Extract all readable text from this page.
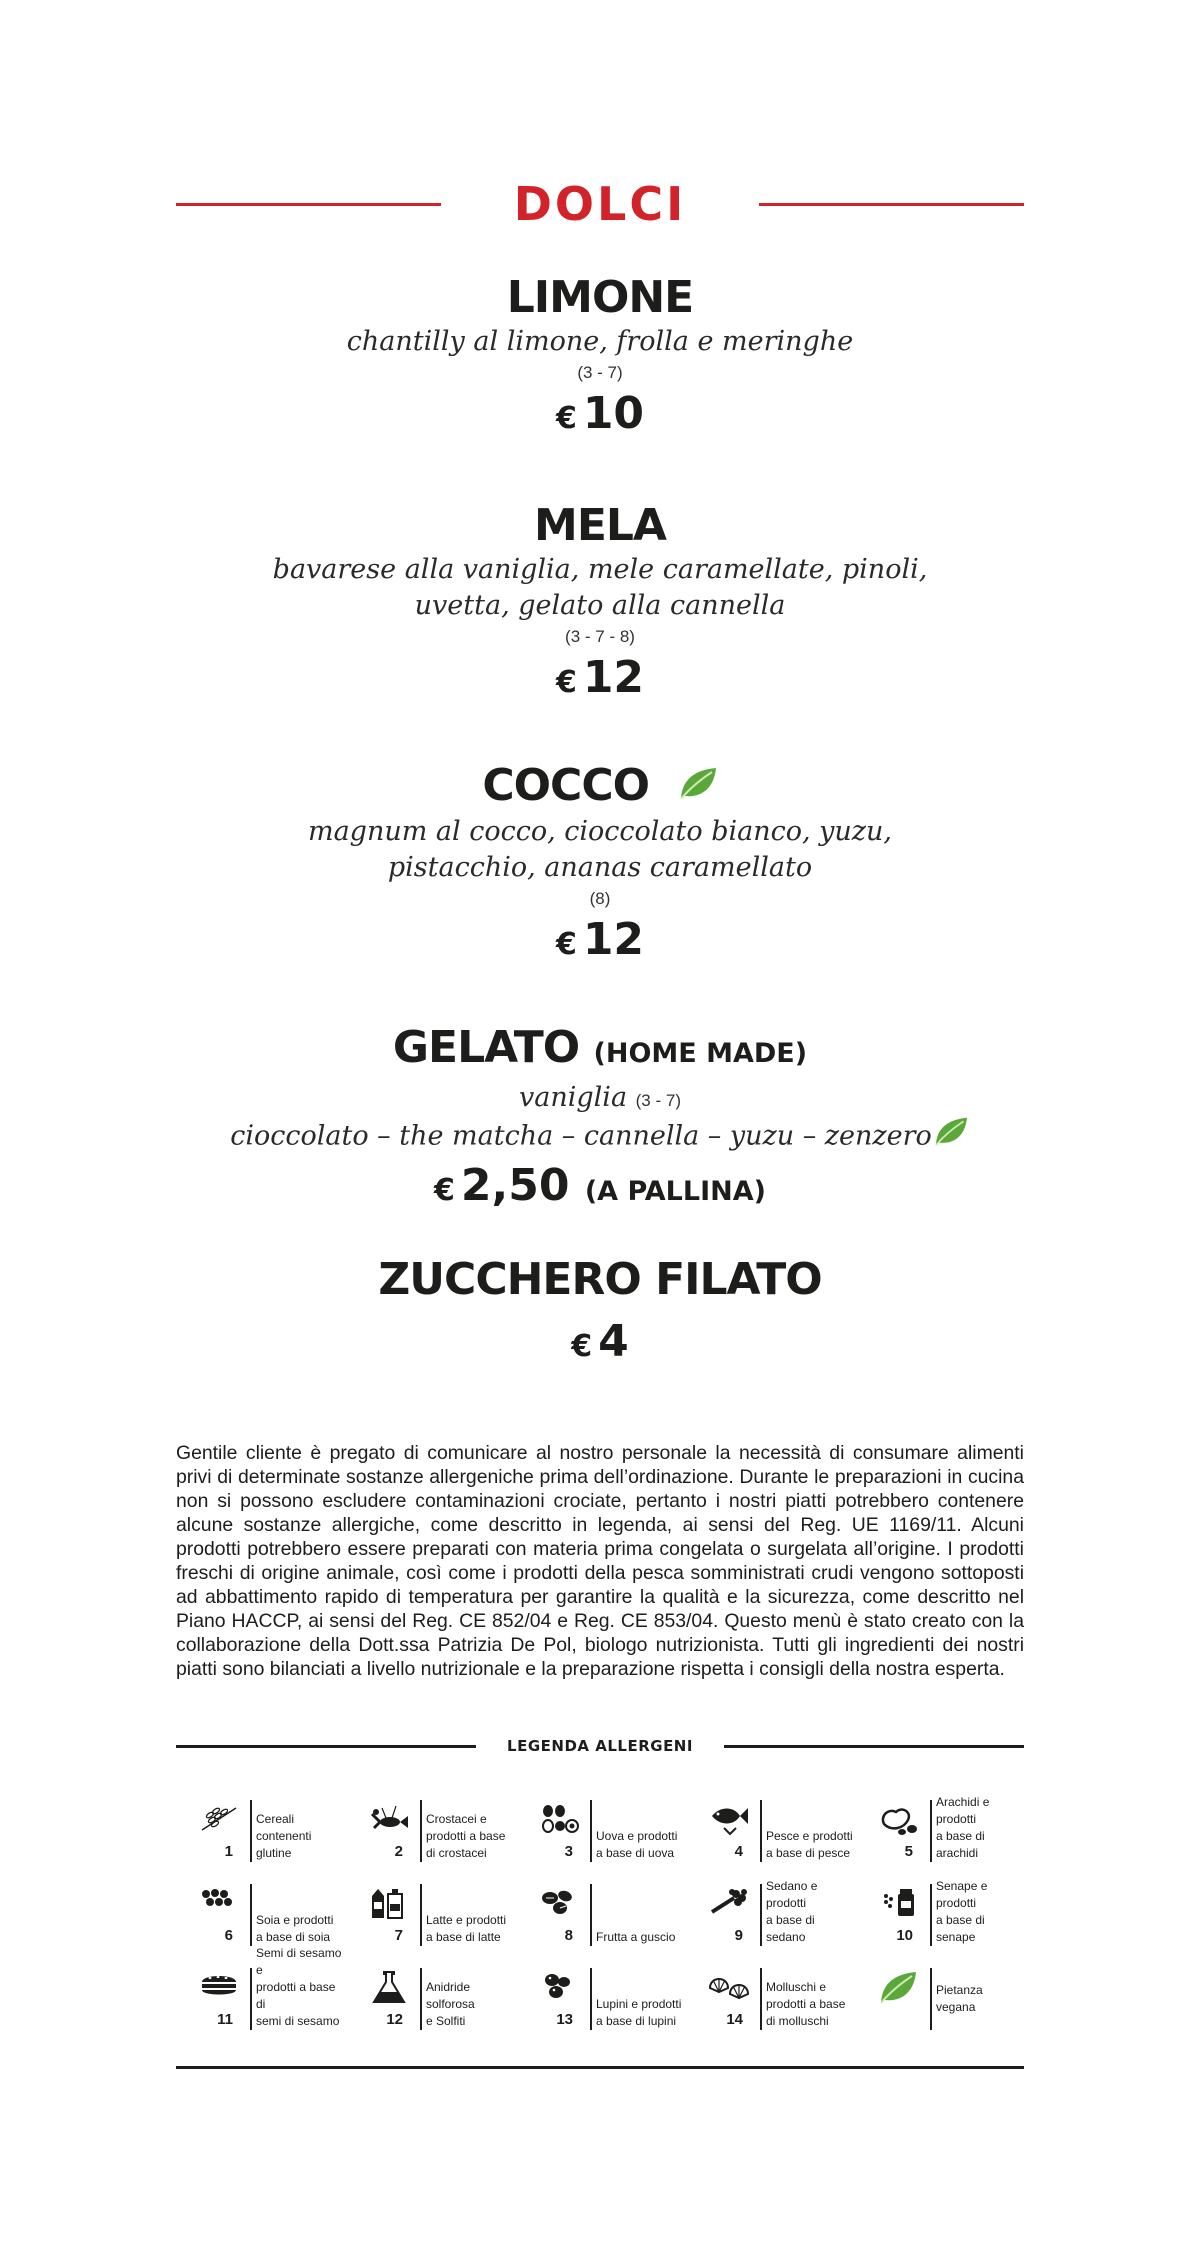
DOLCI
LIMONE
chantilly al limone, frolla e meringhe
(3 - 7)
€ 10
MELA
bavarese alla vaniglia, mele caramellate, pinoli,
uvetta, gelato alla cannella
(3 - 7 - 8)
€ 12
COCCO
magnum al cocco, cioccolato bianco, yuzu,
pistacchio, ananas caramellato
(8)
€ 12
GELATO (HOME MADE)
vaniglia (3 - 7)
cioccolato – the matcha – cannella – yuzu – zenzero
€ 2,50 (A PALLINA)
ZUCCHERO FILATO
€ 4
Gentile cliente è pregato di comunicare al nostro personale la necessità di consumare alimenti privi di determinate sostanze allergeniche prima dell’ordinazione. Durante le preparazioni in cucina non si possono escludere contaminazioni crociate, pertanto i nostri piatti potrebbero contenere alcune sostanze allergiche, come descritto in legenda, ai sensi del Reg. UE 1169/11. Alcuni prodotti potrebbero essere preparati con materia prima congelata o surgelata all’origine. I prodotti freschi di origine animale, così come i prodotti della pesca somministrati crudi vengono sottoposti ad abbattimento rapido di temperatura per garantire la qualità e la sicurezza, come descritto nel Piano HACCP, ai sensi del Reg. CE 852/04 e Reg. CE 853/04. Questo menù è stato creato con la collaborazione della Dott.ssa Patrizia De Pol, biologo nutrizionista. Tutti gli ingredienti dei nostri piatti sono bilanciati a livello nutrizionale e la preparazione rispetta i consigli della nostra esperta.
LEGENDA ALLERGENI
1
Cereali
contenenti
glutine	2
Crostacei e
prodotti a base
di crostacei	3
Uova e prodotti
a base di uova	4
Pesce e prodotti
a base di pesce	5
Arachidi e prodotti
a base di arachidi
6
Soia e prodotti
a base di soia	7
Latte e prodotti
a base di latte	8 Frutta a guscio	9
Sedano e prodotti
a base di sedano	10
Senape e prodotti
a base di senape
11
Semi di sesamo e
prodotti a base di
semi di sesamo	12
Anidride solforosa
e Solfiti	13
Lupini e prodotti
a base di lupini	14
Molluschi e
prodotti a base
di molluschi
Pietanza vegana
